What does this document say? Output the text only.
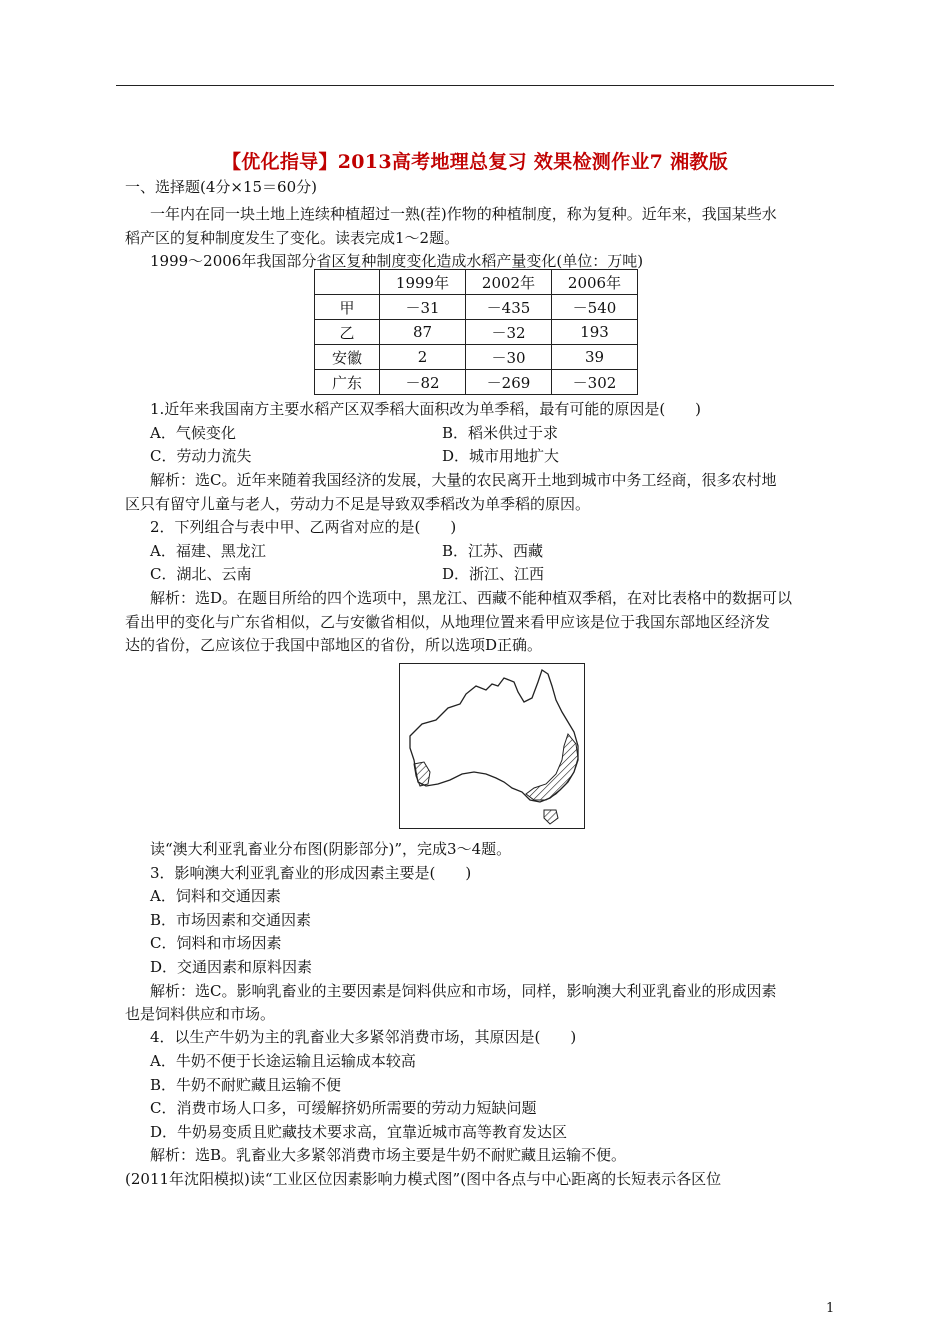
【优化指导】2013高考地理总复习 效果检测作业7 湘教版
一、选择题(4分×15＝60分)
一年内在同一块土地上连续种植超过一熟(茬)作物的种植制度，称为复种。近年来，我国某些水
稻产区的复种制度发生了变化。读表完成1～2题。
1999～2006年我国部分省区复种制度变化造成水稻产量变化(单位：万吨)
	1999年	2002年	2006年
甲	－31	－435	－540
乙	87	－32	193
安徽	2	－30	39
广东	－82	－269	－302
1.近年来我国南方主要水稻产区双季稻大面积改为单季稻，最有可能的原因是(　　)
A．气候变化	B．稻米供过于求
C．劳动力流失	D．城市用地扩大
解析：选C。近年来随着我国经济的发展，大量的农民离开土地到城市中务工经商，很多农村地
区只有留守儿童与老人，劳动力不足是导致双季稻改为单季稻的原因。
2．下列组合与表中甲、乙两省对应的是(　　)
A．福建、黑龙江	B．江苏、西藏
C．湖北、云南	D．浙江、江西
解析：选D。在题目所给的四个选项中，黑龙江、西藏不能种植双季稻，在对比表格中的数据可以
看出甲的变化与广东省相似，乙与安徽省相似，从地理位置来看甲应该是位于我国东部地区经济发
达的省份，乙应该位于我国中部地区的省份，所以选项D正确。
读“澳大利亚乳畜业分布图(阴影部分)”，完成3～4题。
3．影响澳大利亚乳畜业的形成因素主要是(　　)
A．饲料和交通因素
B．市场因素和交通因素
C．饲料和市场因素
D．交通因素和原料因素
解析：选C。影响乳畜业的主要因素是饲料供应和市场，同样，影响澳大利亚乳畜业的形成因素
也是饲料供应和市场。
4．以生产牛奶为主的乳畜业大多紧邻消费市场，其原因是(　　)
A．牛奶不便于长途运输且运输成本较高
B．牛奶不耐贮藏且运输不便
C．消费市场人口多，可缓解挤奶所需要的劳动力短缺问题
D．牛奶易变质且贮藏技术要求高，宜靠近城市高等教育发达区
解析：选B。乳畜业大多紧邻消费市场主要是牛奶不耐贮藏且运输不便。
(2011年沈阳模拟)读“工业区位因素影响力模式图”(图中各点与中心距离的长短表示各区位
1
